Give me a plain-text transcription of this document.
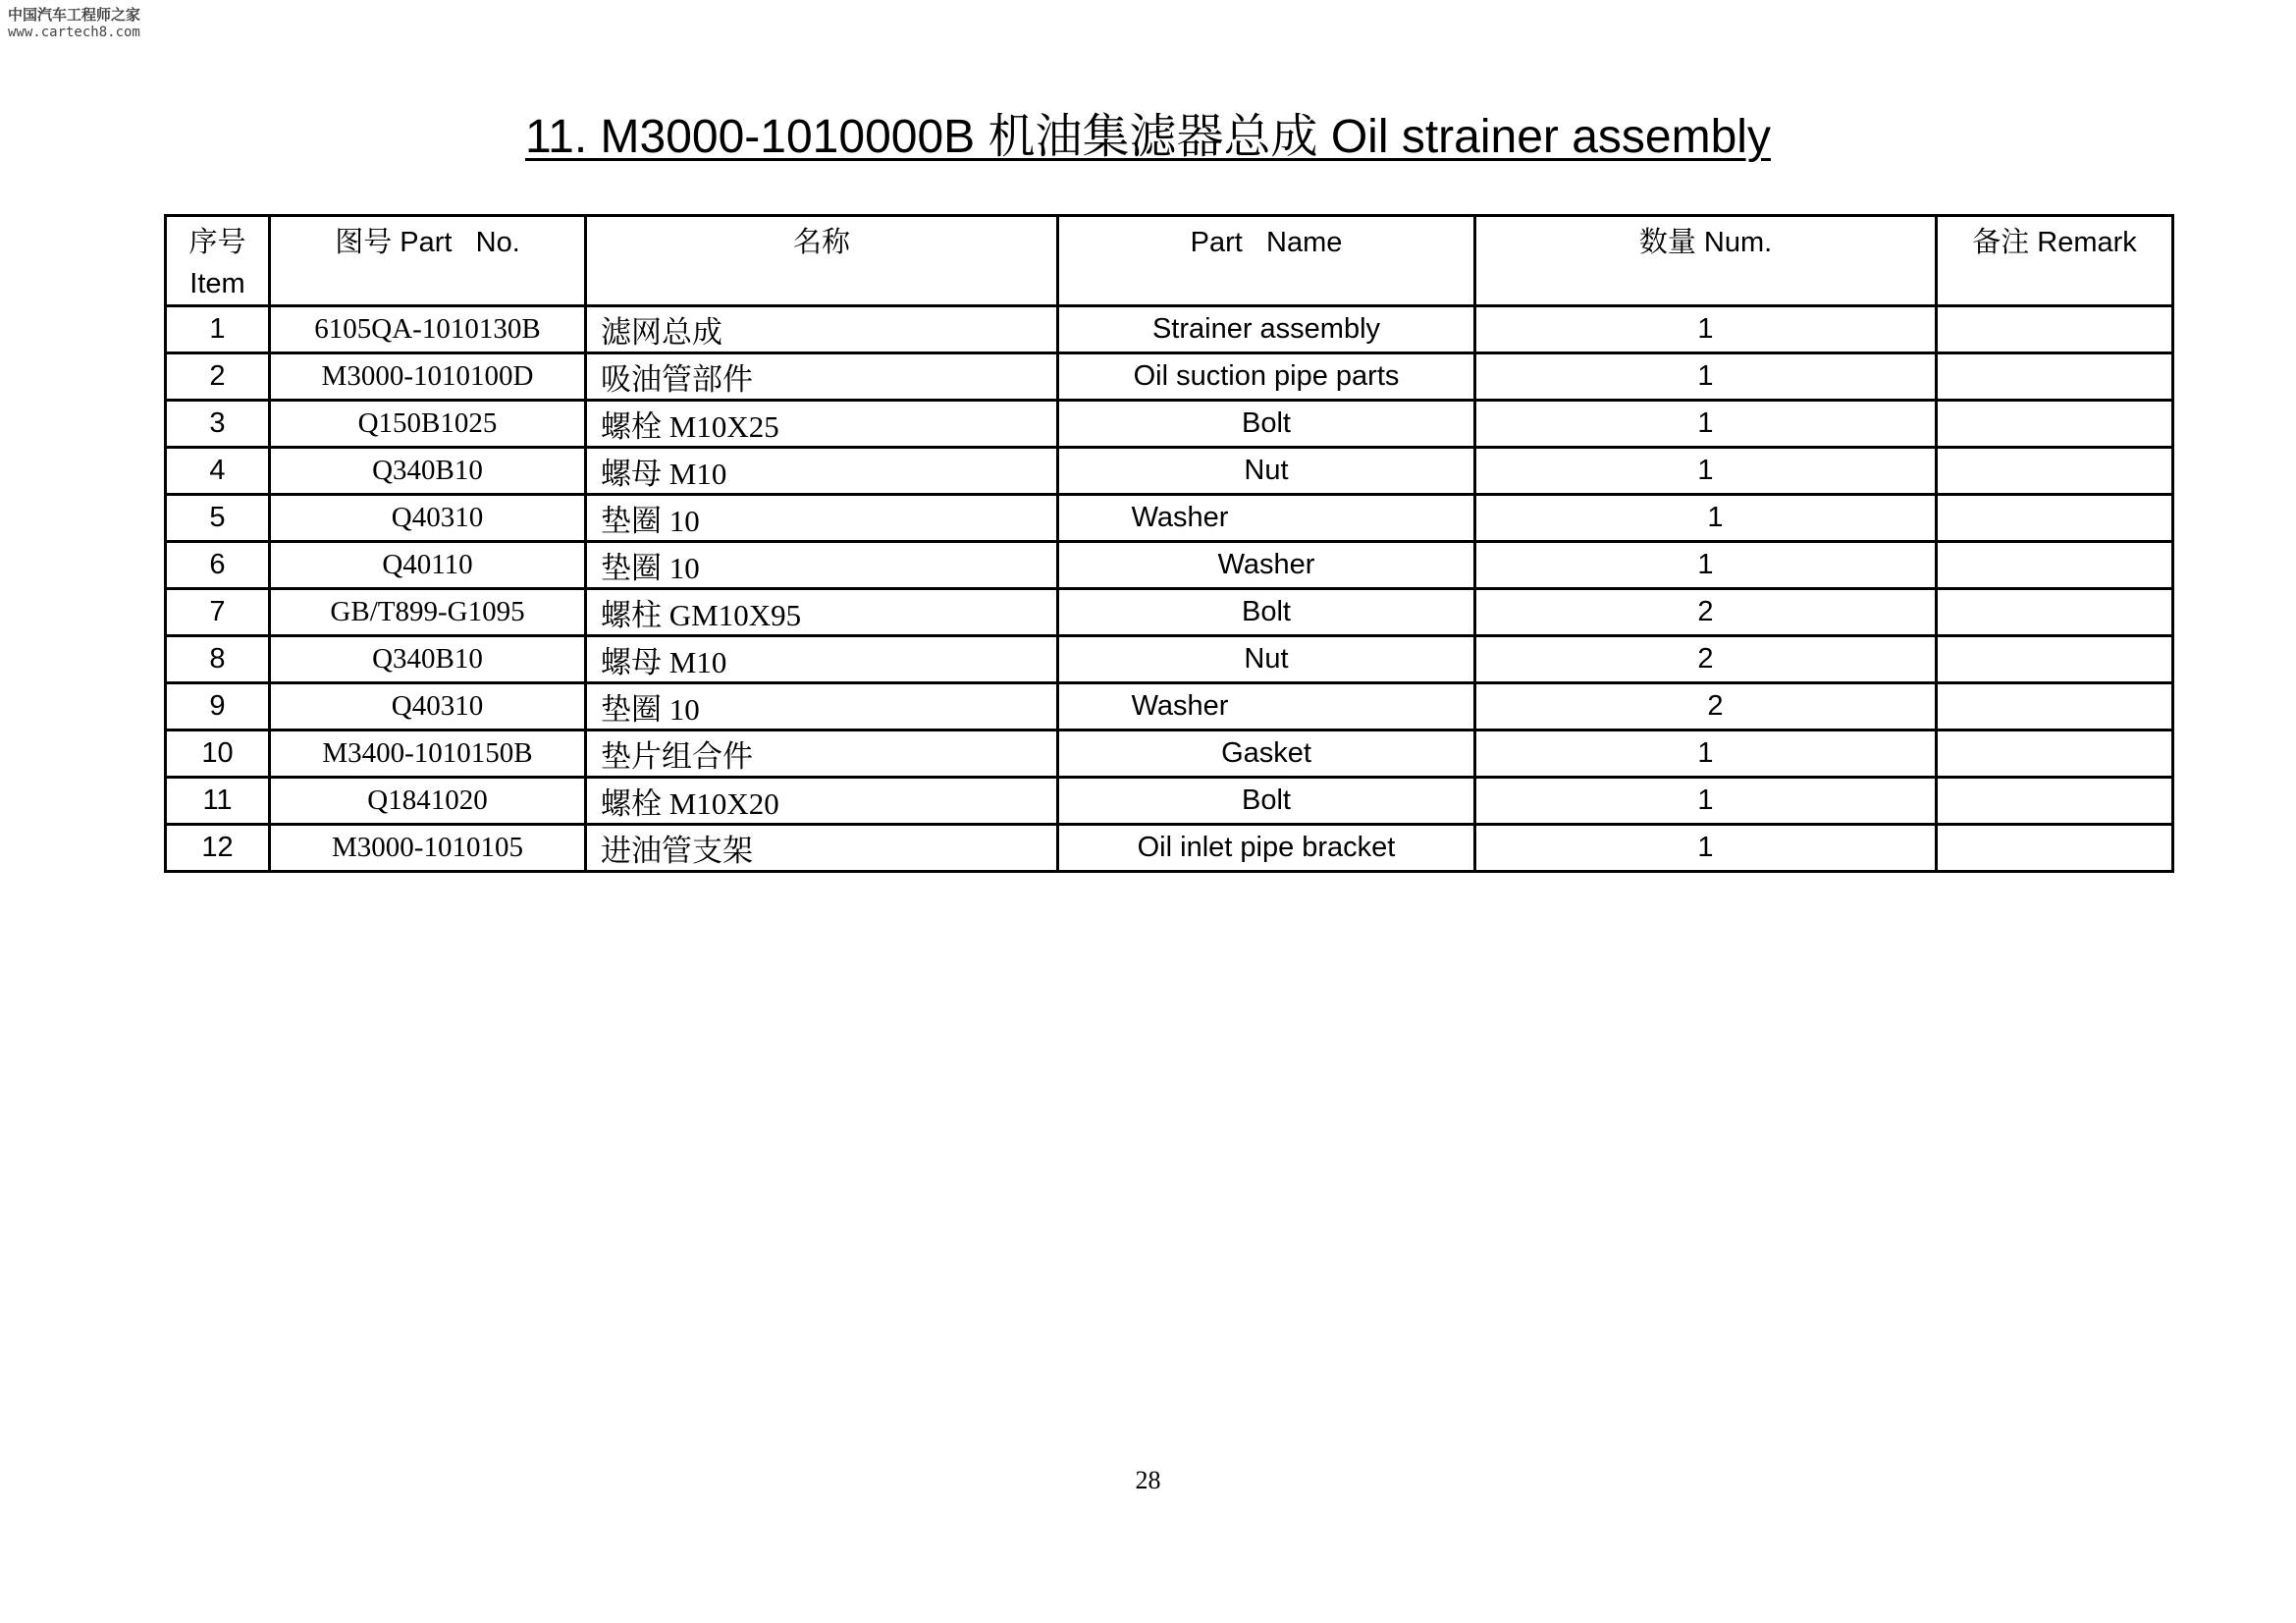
中国汽车工程师之家
www.cartech8.com
11. M3000-1010000B 机油集滤器总成 Oil strainer assembly
序号
Item	图号 Part   No.	名称	Part   Name	数量 Num.	备注 Remark
1	6105QA-1010130B	滤网总成	Strainer assembly	1	
2	M3000-1010100D	吸油管部件	Oil suction pipe parts	1	
3	Q150B1025	螺栓 M10X25	Bolt	1	
4	Q340B10	螺母 M10	Nut	1	
5	Q40310	垫圈 10	Washer	1	
6	Q40110	垫圈 10	Washer	1	
7	GB/T899-G1095	螺柱 GM10X95	Bolt	2	
8	Q340B10	螺母 M10	Nut	2	
9	Q40310	垫圈 10	Washer	2	
10	M3400-1010150B	垫片组合件	Gasket	1	
11	Q1841020	螺栓 M10X20	Bolt	1	
12	M3000-1010105	进油管支架	Oil inlet pipe bracket	1	
28
